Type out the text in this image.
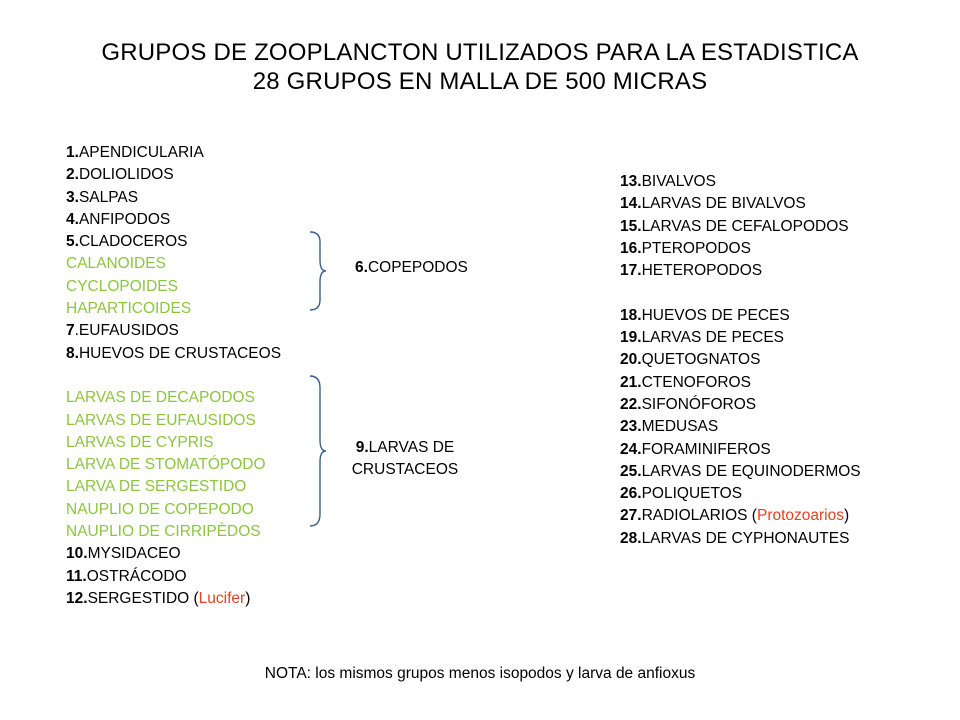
GRUPOS DE ZOOPLANCTON UTILIZADOS PARA LA ESTADISTICA
28 GRUPOS EN MALLA DE 500 MICRAS
1.APENDICULARIA
2.DOLIOLIDOS
3.SALPAS
4.ANFIPODOS
5.CLADOCEROS
CALANOIDES
CYCLOPOIDES
HAPARTICOIDES
7.EUFAUSIDOS
8.HUEVOS DE CRUSTACEOS
LARVAS DE DECAPODOS
LARVAS DE EUFAUSIDOS
LARVAS DE CYPRIS
LARVA DE STOMATÓPODO
LARVA DE SERGESTIDO
NAUPLIO DE COPEPODO
NAUPLIO DE CIRRIPÈDOS
10.MYSIDACEO
11.OSTRÁCODO
12.SERGESTIDO (Lucifer)
6.COPEPODOS
9.LARVAS DE
CRUSTACEOS
13.BIVALVOS
14.LARVAS DE BIVALVOS
15.LARVAS DE CEFALOPODOS
16.PTEROPODOS
17.HETEROPODOS
18.HUEVOS DE PECES
19.LARVAS DE PECES
20.QUETOGNATOS
21.CTENOFOROS
22.SIFONÓFOROS
23.MEDUSAS
24.FORAMINIFEROS
25.LARVAS DE EQUINODERMOS
26.POLIQUETOS
27.RADIOLARIOS (Protozoarios)
28.LARVAS DE CYPHONAUTES
NOTA: los mismos grupos menos isopodos y larva de anfioxus
